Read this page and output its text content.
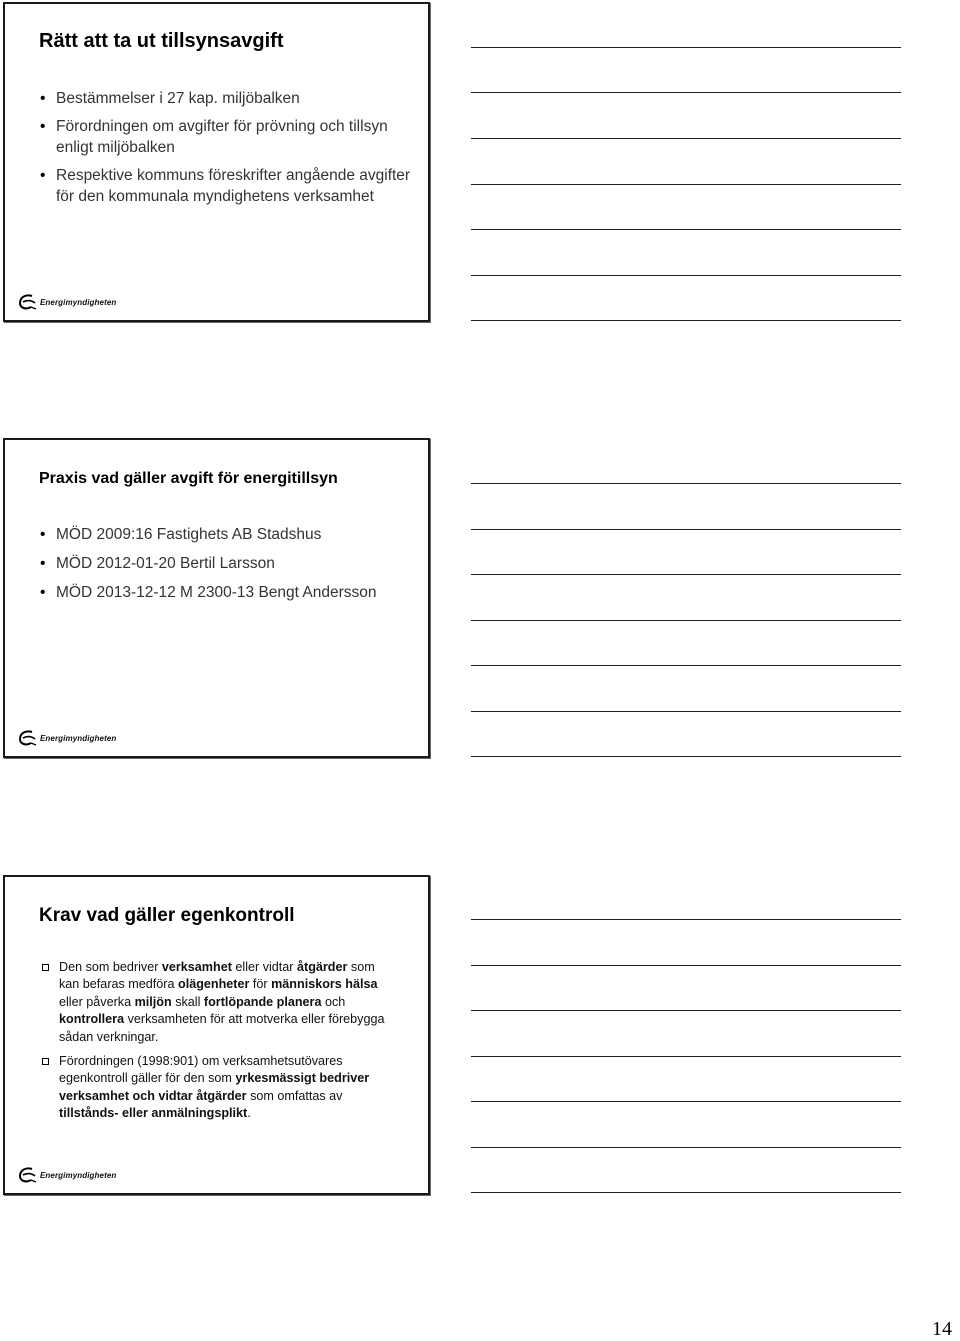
Rätt att ta ut tillsynsavgift
• Bestämmelser i 27 kap. miljöbalken
• Förordningen om avgifter för prövning och tillsyn enligt miljöbalken
• Respektive kommuns föreskrifter angående avgifter för den kommunala myndighetens verksamhet
Energimyndigheten
Praxis vad gäller avgift för energitillsyn
• MÖD 2009:16 Fastighets AB Stadshus
• MÖD 2012-01-20 Bertil Larsson
• MÖD 2013-12-12 M 2300-13 Bengt Andersson
Energimyndigheten
Krav vad gäller egenkontroll
Den som bedriver verksamhet eller vidtar åtgärder som kan befaras medföra olägenheter för människors hälsa eller påverka miljön skall fortlöpande planera och kontrollera verksamheten för att motverka eller förebygga sådan verkningar.
Förordningen (1998:901) om verksamhetsutövares egenkontroll gäller för den som yrkesmässigt bedriver verksamhet och vidtar åtgärder som omfattas av tillstånds- eller anmälningsplikt.
Energimyndigheten
14
